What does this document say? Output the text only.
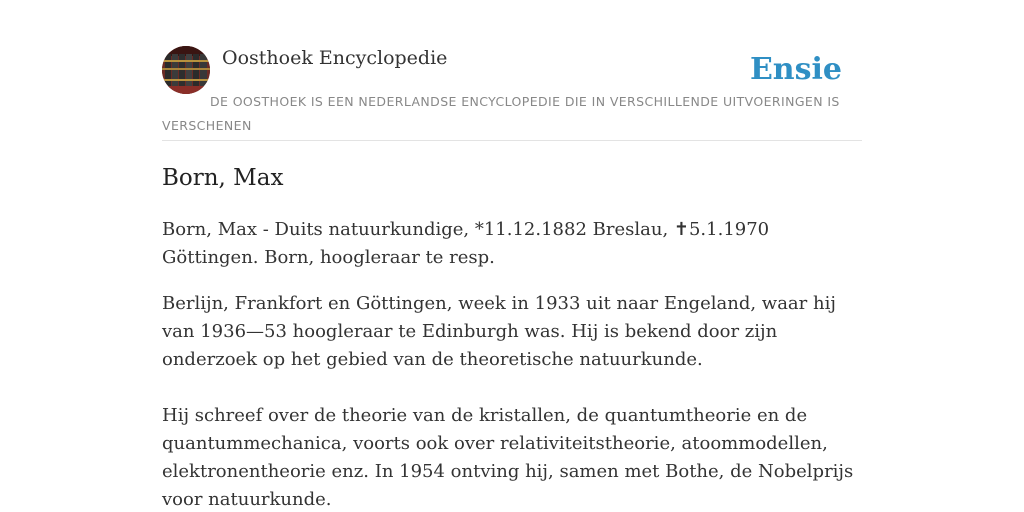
Oosthoek Encyclopedie	Ensie
DE OOSTHOEK IS EEN NEDERLANDSE ENCYCLOPEDIE DIE IN VERSCHILLENDE UITVOERINGEN IS VERSCHENEN
Born, Max

Born, Max - Duits natuurkundige, *11.12.1882 Breslau, ✝5.1.1970 Göttingen. Born, hoogleraar te resp.

Berlijn, Frankfort en Göttingen, week in 1933 uit naar Engeland, waar hij van 1936—53 hoogleraar te Edinburgh was. Hij is bekend door zijn onderzoek op het gebied van de theoretische natuurkunde.

Hij schreef over de theorie van de kristallen, de quantumtheorie en de quantummechanica, voorts ook over relativiteitstheorie, atoommodellen, elektronentheorie enz. In 1954 ontving hij, samen met Bothe, de Nobelprijs voor natuurkunde.
